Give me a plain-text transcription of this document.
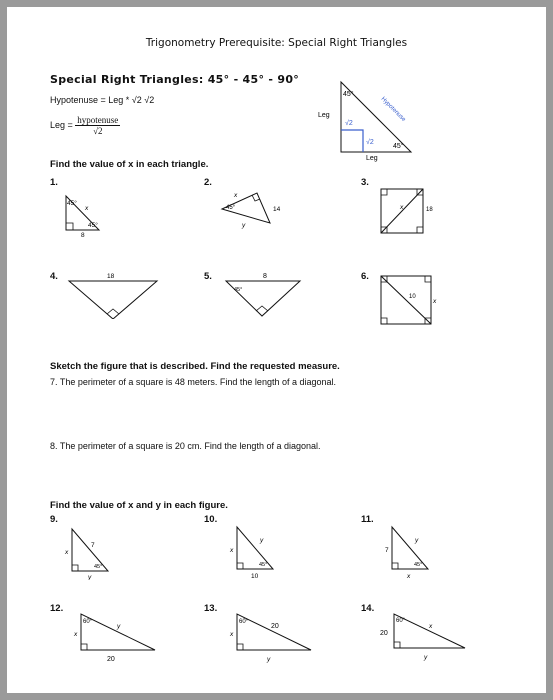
Trigonometry Prerequisite: Special Right Triangles
Special Right Triangles: 45° - 45° - 90°
Hypotenuse = Leg * √2 √2
Leg = $\frac{\text{hypotenuse}}{√2}$
45°
45°
Leg
Leg
√2
√2
Hypotenuse
Find the value of x in each triangle.
1.
45°
x
45°
8
2.
x
45°	14
y
3.
x	18
4.	18	5.	8
45°
6.
10
x
Sketch the figure that is described. Find the requested measure.
7. The perimeter of a square is 48 meters. Find the length of a diagonal.
8. The perimeter of a square is 20 cm. Find the length of a diagonal.
Find the value of x and y in each figure.
9.
7
x
45°
y
10.
y
x
45°
10
11.
y
7
45°
x
12.
60°
y
x
20
13.
60°
20
x
y
14.
60°
x
20
y
